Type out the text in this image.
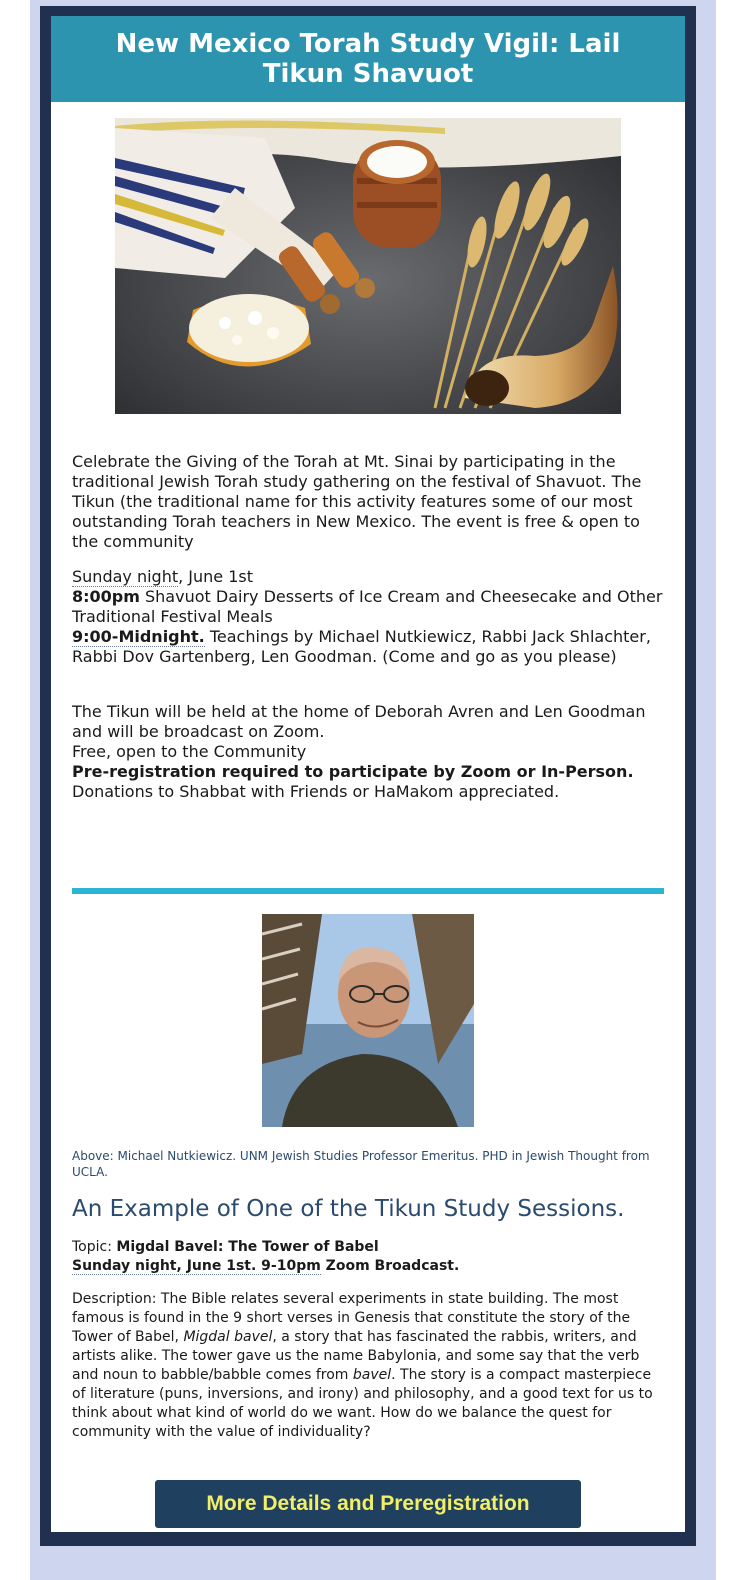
New Mexico Torah Study Vigil: Lail Tikun Shavuot

Celebrate the Giving of the Torah at Mt. Sinai by participating in the traditional Jewish Torah study gathering on the festival of Shavuot. The Tikun (the traditional name for this activity features some of our most outstanding Torah teachers in New Mexico. The event is free & open to the community

Sunday night, June 1st
8:00pm Shavuot Dairy Desserts of Ice Cream and Cheesecake and Other Traditional Festival Meals
9:00-Midnight. Teachings by Michael Nutkiewicz, Rabbi Jack Shlachter, Rabbi Dov Gartenberg, Len Goodman. (Come and go as you please)

The Tikun will be held at the home of Deborah Avren and Len Goodman and will be broadcast on Zoom.
Free, open to the Community
Pre-registration required to participate by Zoom or In-Person.
Donations to Shabbat with Friends or HaMakom appreciated.

Above: Michael Nutkiewicz. UNM Jewish Studies Professor Emeritus. PHD in Jewish Thought from UCLA.
An Example of One of the Tikun Study Sessions.
Topic: Migdal Bavel: The Tower of Babel
Sunday night, June 1st. 9-10pm Zoom Broadcast.
Description: The Bible relates several experiments in state building. The most famous is found in the 9 short verses in Genesis that constitute the story of the Tower of Babel, Migdal bavel, a story that has fascinated the rabbis, writers, and artists alike. The tower gave us the name Babylonia, and some say that the verb and noun to babble/babble comes from bavel. The story is a compact masterpiece of literature (puns, inversions, and irony) and philosophy, and a good text for us to think about what kind of world do we want. How do we balance the quest for community with the value of individuality?
More Details and Preregistration
